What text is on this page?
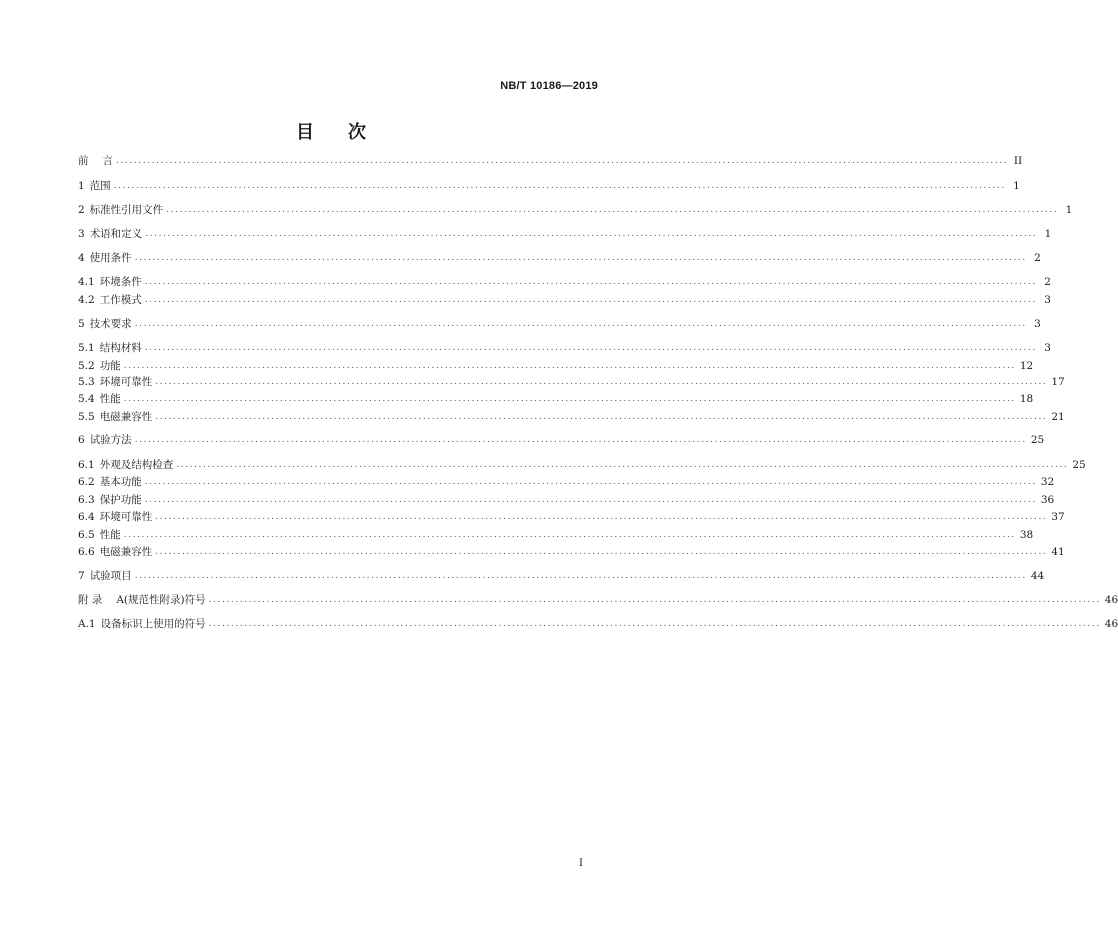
NB/T 10186—2019
目 次
前 言 ........................................................................................................................................................................................................ II
1 范围 ........................................................................................................................................................................................................ 1
2 标准性引用文件 ........................................................................................................................................................................................................ 1
3 术语和定义 ........................................................................................................................................................................................................ 1
4 使用条件 ........................................................................................................................................................................................................ 2
4.1 环境条件 ........................................................................................................................................................................................................ 2
4.2 工作模式 ........................................................................................................................................................................................................ 3
5 技术要求 ........................................................................................................................................................................................................ 3
5.1 结构材料 ........................................................................................................................................................................................................ 3
5.2 功能 ........................................................................................................................................................................................................ 12
5.3 环境可靠性 ........................................................................................................................................................................................................ 17
5.4 性能 ........................................................................................................................................................................................................ 18
5.5 电磁兼容性 ........................................................................................................................................................................................................ 21
6 试验方法 ........................................................................................................................................................................................................ 25
6.1 外观及结构检查 ........................................................................................................................................................................................................ 25
6.2 基本功能 ........................................................................................................................................................................................................ 32
6.3 保护功能 ........................................................................................................................................................................................................ 36
6.4 环境可靠性 ........................................................................................................................................................................................................ 37
6.5 性能 ........................................................................................................................................................................................................ 38
6.6 电磁兼容性 ........................................................................................................................................................................................................ 41
7 试验项目 ........................................................................................................................................................................................................ 44
附 录 A(规范性附录)符号 ........................................................................................................................................................................................................ 46
A.1 设备标识上使用的符号 ........................................................................................................................................................................................................ 46
I
